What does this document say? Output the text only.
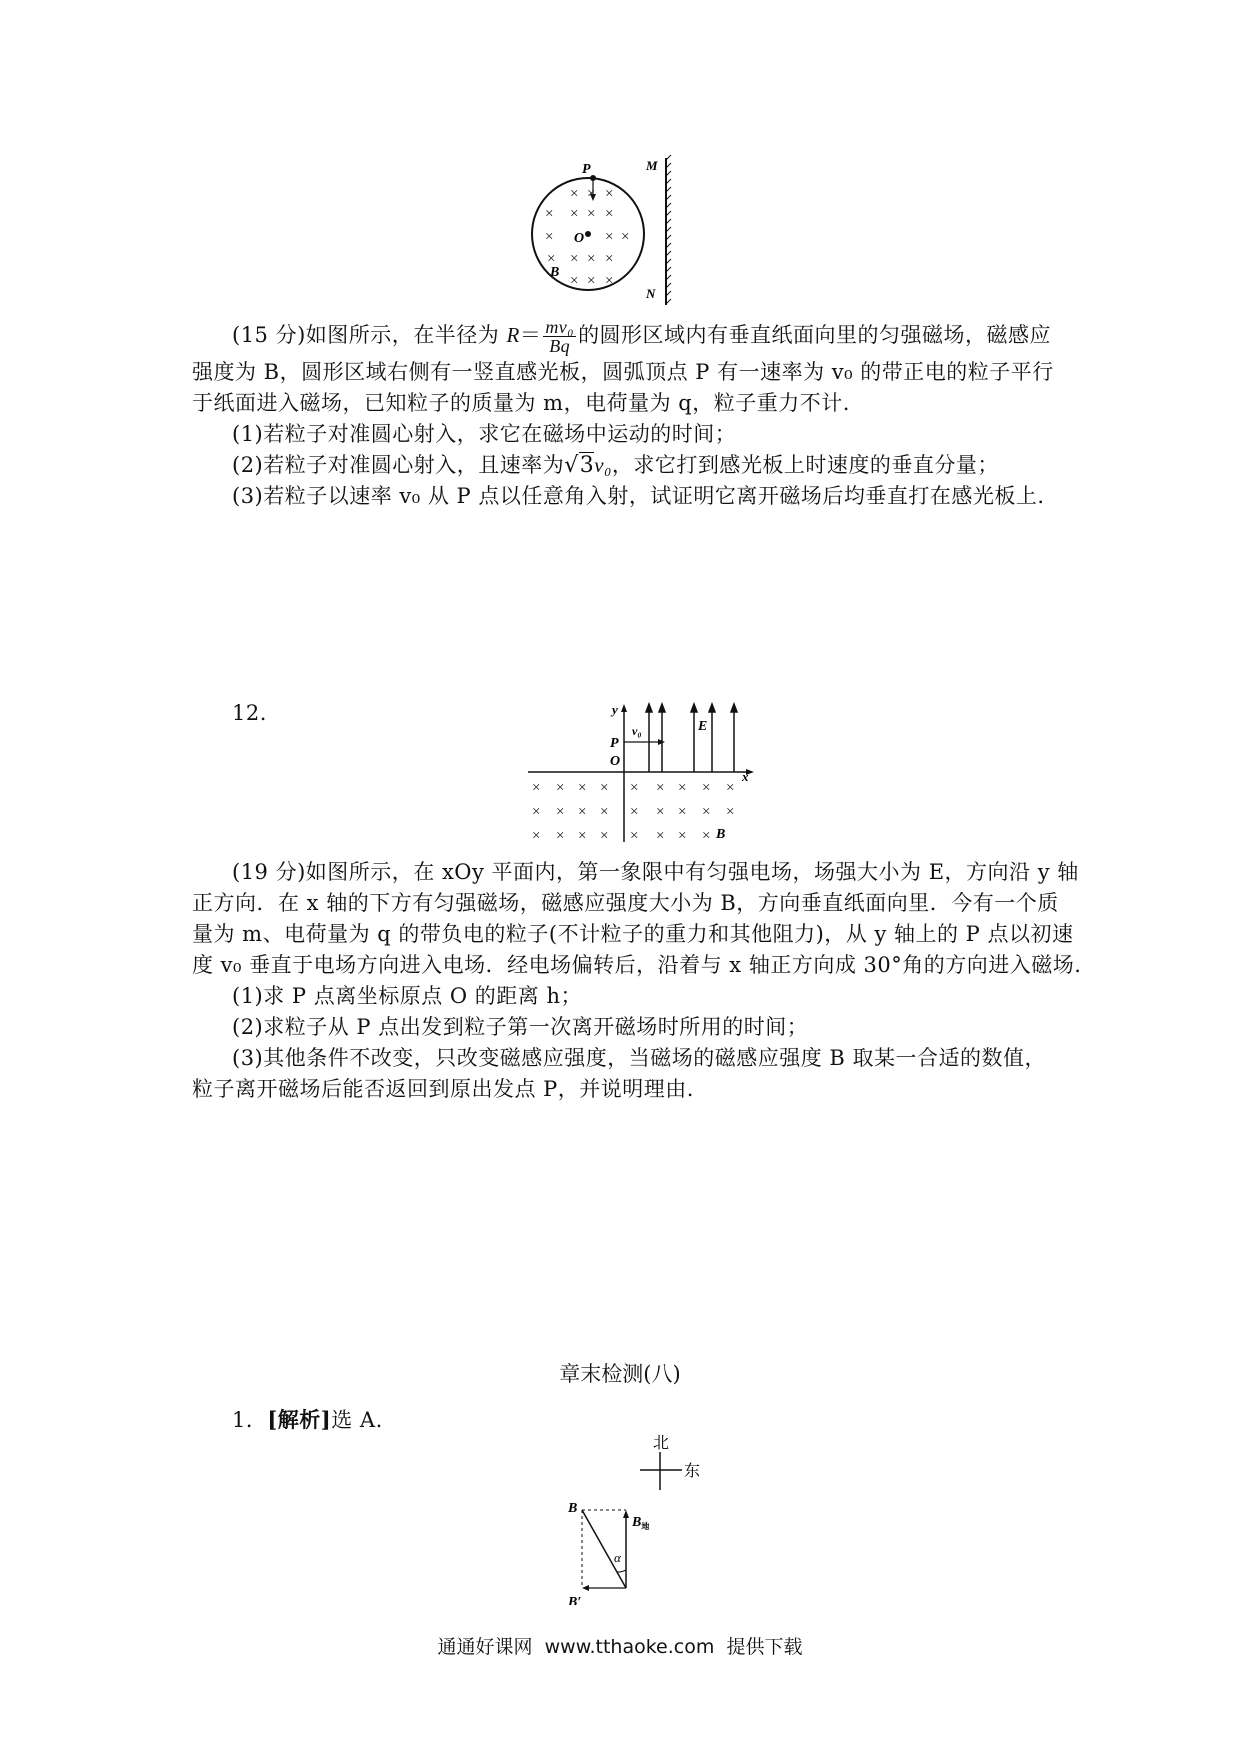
× × ×
× × × ×
×	× ×
× × × ×
× × ×
P
O
B
M
N
(15 分)如图所示，在半径为 $R= \frac{\text{mv₀}}{Bq}$ 的圆形区域内有垂直纸面向里的匀强磁场，磁感应
强度为 B，圆形区域右侧有一竖直感光板，圆弧顶点 P 有一速率为 v₀ 的带正电的粒子平行
于纸面进入磁场，已知粒子的质量为 m，电荷量为 q，粒子重力不计.
(1)若粒子对准圆心射入，求它在磁场中运动的时间；
(2)若粒子对准圆心射入，且速率为√3v₀，求它打到感光板上时速度的垂直分量；
(3)若粒子以速率 v₀ 从 P 点以任意角入射，试证明它离开磁场后均垂直打在感光板上.
12.	y
x
P
O
v₀	E
B
× × × × × × × × ×
× × × × × × × × ×
× × × × × × × ×
(19 分)如图所示，在 xOy 平面内，第一象限中有匀强电场，场强大小为 E，方向沿 y 轴
正方向．在 x 轴的下方有匀强磁场，磁感应强度大小为 B，方向垂直纸面向里．今有一个质
量为 m、电荷量为 q 的带负电的粒子(不计粒子的重力和其他阻力)，从 y 轴上的 P 点以初速
度 v₀ 垂直于电场方向进入电场．经电场偏转后，沿着与 x 轴正方向成 30°角的方向进入磁场.
(1)求 P 点离坐标原点 O 的距离 h；
(2)求粒子从 P 点出发到粒子第一次离开磁场时所用的时间；
(3)其他条件不改变，只改变磁感应强度，当磁场的磁感应强度 B 取某一合适的数值，
粒子离开磁场后能否返回到原出发点 P，并说明理由.
章末检测(八)
1．[解析]选 A.
北
东
α
B
$B_地$
B′
通通好课网  www.tthaoke.com  提供下载
